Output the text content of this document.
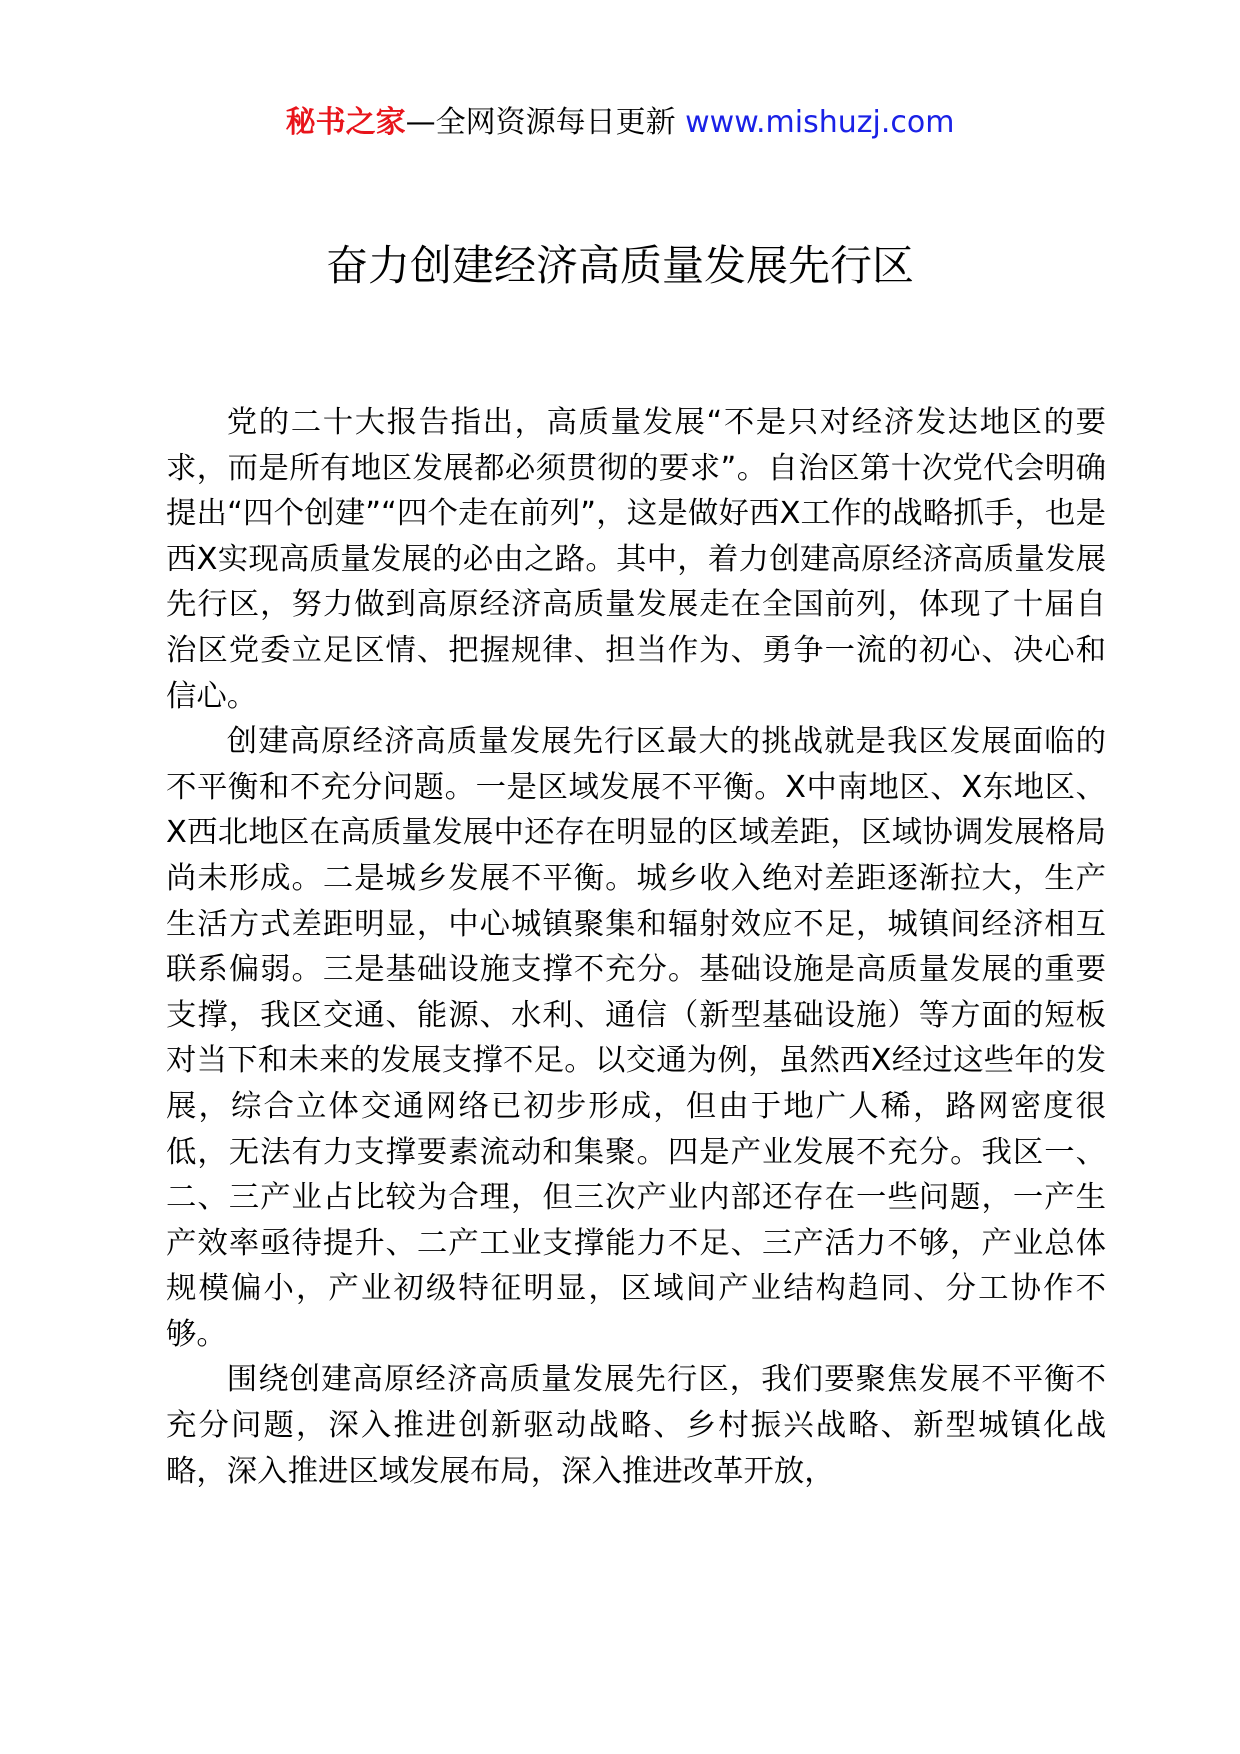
秘书之家—全网资源每日更新 www.mishuzj.com
奋力创建经济高质量发展先行区

党的二十大报告指出，高质量发展“不是只对经济发达地区的要求，而是所有地区发展都必须贯彻的要求”。自治区第十次党代会明确提出“四个创建”“四个走在前列”，这是做好西X工作的战略抓手，也是西X实现高质量发展的必由之路。其中，着力创建高原经济高质量发展先行区，努力做到高原经济高质量发展走在全国前列，体现了十届自治区党委立足区情、把握规律、担当作为、勇争一流的初心、决心和信心。

创建高原经济高质量发展先行区最大的挑战就是我区发展面临的不平衡和不充分问题。一是区域发展不平衡。X中南地区、X东地区、X西北地区在高质量发展中还存在明显的区域差距，区域协调发展格局尚未形成。二是城乡发展不平衡。城乡收入绝对差距逐渐拉大，生产生活方式差距明显，中心城镇聚集和辐射效应不足，城镇间经济相互联系偏弱。三是基础设施支撑不充分。基础设施是高质量发展的重要支撑，我区交通、能源、水利、通信（新型基础设施）等方面的短板对当下和未来的发展支撑不足。以交通为例，虽然西X经过这些年的发展，综合立体交通网络已初步形成，但由于地广人稀，路网密度很低，无法有力支撑要素流动和集聚。四是产业发展不充分。我区一、二、三产业占比较为合理，但三次产业内部还存在一些问题，一产生产效率亟待提升、二产工业支撑能力不足、三产活力不够，产业总体规模偏小，产业初级特征明显，区域间产业结构趋同、分工协作不够。

围绕创建高原经济高质量发展先行区，我们要聚焦发展不平衡不充分问题，深入推进创新驱动战略、乡村振兴战略、新型城镇化战略，深入推进区域发展布局，深入推进改革开放，
